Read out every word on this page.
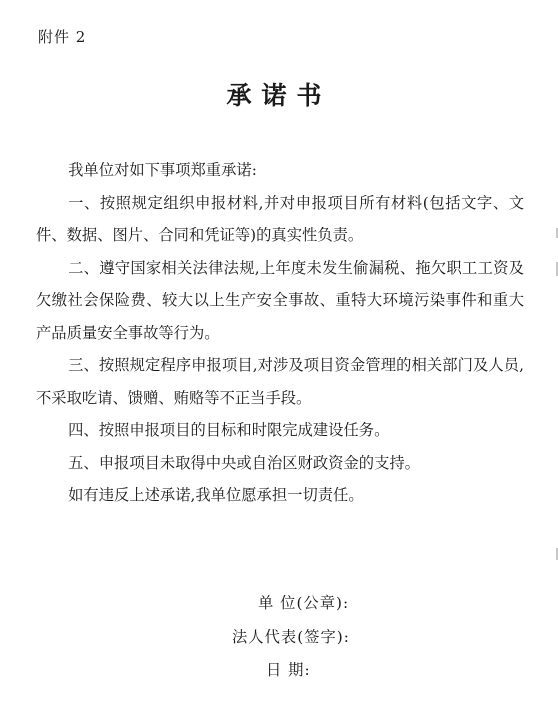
附件 2
承诺书

我单位对如下事项郑重承诺:

一、按照规定组织申报材料,并对申报项目所有材料(包括文字、文件、数据、图片、合同和凭证等)的真实性负责。

二、遵守国家相关法律法规,上年度未发生偷漏税、拖欠职工工资及欠缴社会保险费、较大以上生产安全事故、重特大环境污染事件和重大产品质量安全事故等行为。

三、按照规定程序申报项目,对涉及项目资金管理的相关部门及人员,不采取吃请、馈赠、贿赂等不正当手段。

四、按照申报项目的目标和时限完成建设任务。

五、申报项目未取得中央或自治区财政资金的支持。

如有违反上述承诺,我单位愿承担一切责任。

单 位(公章):
法人代表(签字):
日 期:
